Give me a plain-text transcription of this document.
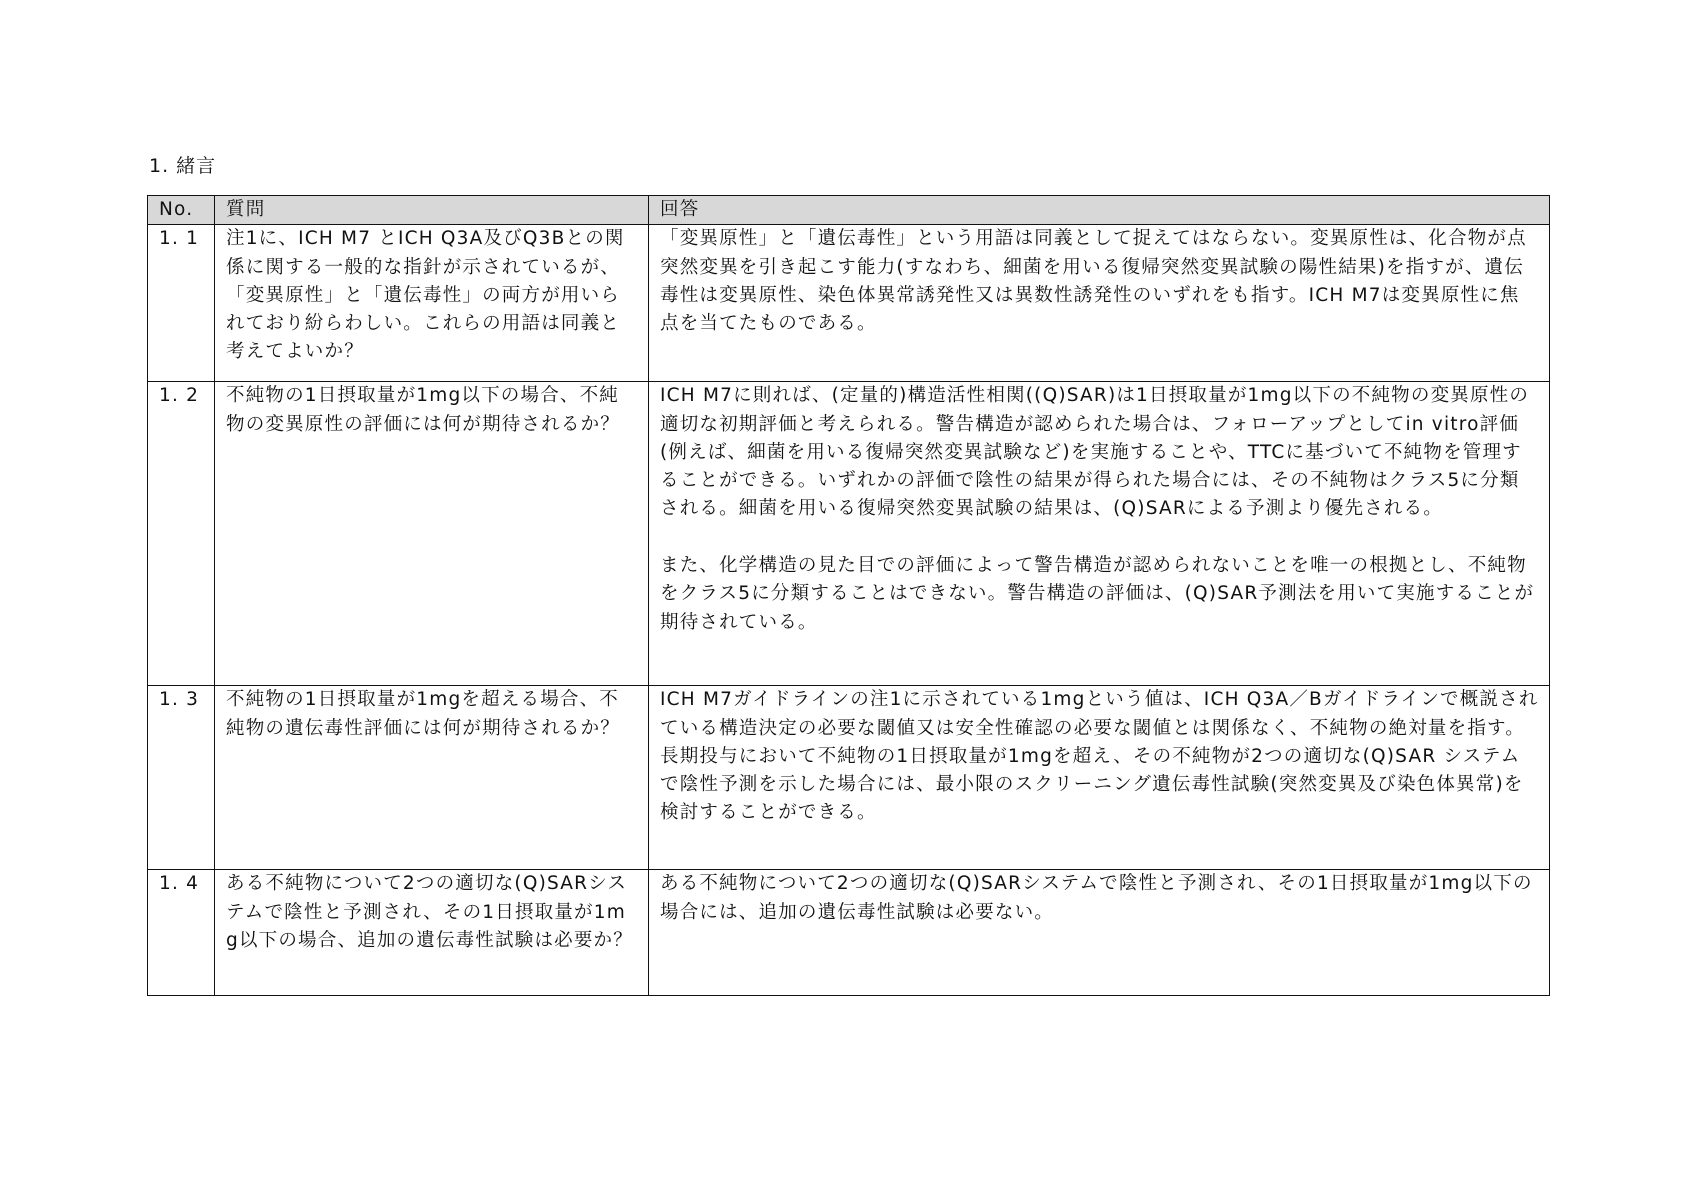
1. 緒言
No.	質問	回答
1. 1	注1に、ICH M7 とICH Q3A及びQ3Bとの関係に関する一般的な指針が示されているが、「変異原性」と「遺伝毒性」の両方が用いられており紛らわしい。これらの用語は同義と考えてよいか？	「変異原性」と「遺伝毒性」という用語は同義として捉えてはならない。変異原性は、化合物が点突然変異を引き起こす能力(すなわち、細菌を用いる復帰突然変異試験の陽性結果)を指すが、遺伝毒性は変異原性、染色体異常誘発性又は異数性誘発性のいずれをも指す。ICH M7は変異原性に焦点を当てたものである。

1. 2	不純物の1日摂取量が1mg以下の場合、不純物の変異原性の評価には何が期待されるか？	ICH M7に則れば、(定量的)構造活性相関((Q)SAR)は1日摂取量が1mg以下の不純物の変異原性の適切な初期評価と考えられる。警告構造が認められた場合は、フォローアップとしてin vitro評価(例えば、細菌を用いる復帰突然変異試験など)を実施することや、TTCに基づいて不純物を管理することができる。いずれかの評価で陰性の結果が得られた場合には、その不純物はクラス5に分類される。細菌を用いる復帰突然変異試験の結果は、(Q)SARによる予測より優先される。
また、化学構造の見た目での評価によって警告構造が認められないことを唯一の根拠とし、不純物をクラス5に分類することはできない。警告構造の評価は、(Q)SAR予測法を用いて実施することが期待されている。

1. 3	不純物の1日摂取量が1mgを超える場合、不純物の遺伝毒性評価には何が期待されるか？	ICH M7ガイドラインの注1に示されている1mgという値は、ICH Q3A／Bガイドラインで概説されている構造決定の必要な閾値又は安全性確認の必要な閾値とは関係なく、不純物の絶対量を指す。
長期投与において不純物の1日摂取量が1mgを超え、その不純物が2つの適切な(Q)SAR システムで陰性予測を示した場合には、最小限のスクリーニング遺伝毒性試験(突然変異及び染色体異常)を検討することができる。

1. 4	ある不純物について2つの適切な(Q)SARシステムで陰性と予測され、その1日摂取量が1mg以下の場合、追加の遺伝毒性試験は必要か？	ある不純物について2つの適切な(Q)SARシステムで陰性と予測され、その1日摂取量が1mg以下の場合には、追加の遺伝毒性試験は必要ない。
